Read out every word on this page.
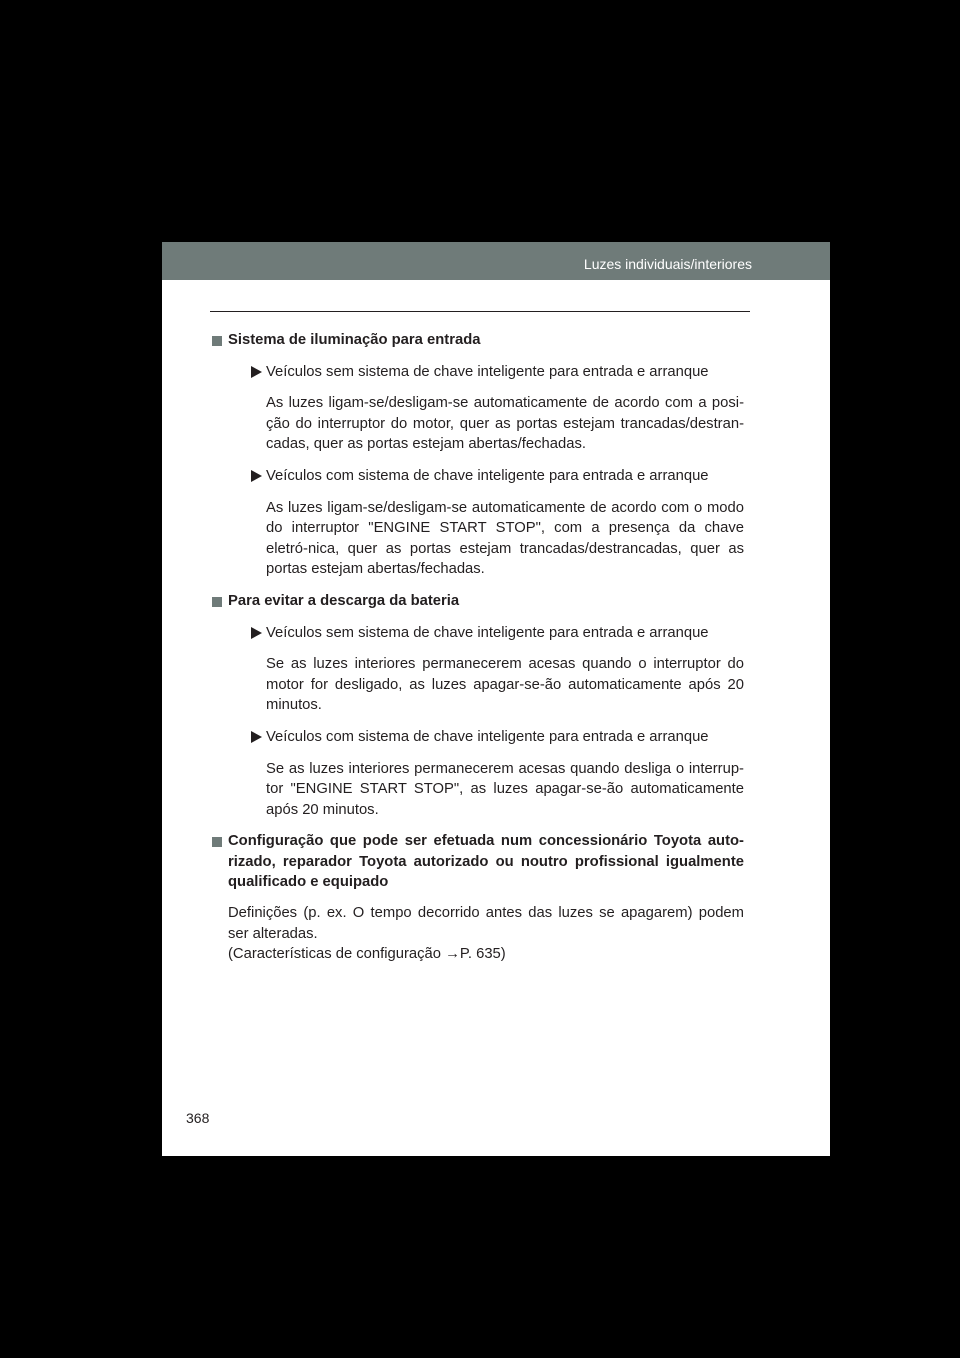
Luzes individuais/interiores
Sistema de iluminação para entrada
Veículos sem sistema de chave inteligente para entrada e arranque
As luzes ligam-se/desligam-se automaticamente de acordo com a posi-ção do interruptor do motor, quer as portas estejam trancadas/destran-cadas, quer as portas estejam abertas/fechadas.
Veículos com sistema de chave inteligente para entrada e arranque
As luzes ligam-se/desligam-se automaticamente de acordo com o modo do interruptor "ENGINE START STOP", com a presença da chave eletró-nica, quer as portas estejam trancadas/destrancadas, quer as portas estejam abertas/fechadas.
Para evitar a descarga da bateria
Veículos sem sistema de chave inteligente para entrada e arranque
Se as luzes interiores permanecerem acesas quando o interruptor do motor for desligado, as luzes apagar-se-ão automaticamente após 20 minutos.
Veículos com sistema de chave inteligente para entrada e arranque
Se as luzes interiores permanecerem acesas quando desliga o interrup-tor "ENGINE START STOP", as luzes apagar-se-ão automaticamente após 20 minutos.
Configuração que pode ser efetuada num concessionário Toyota auto-rizado, reparador Toyota autorizado ou noutro profissional igualmente qualificado e equipado
Definições (p. ex. O tempo decorrido antes das luzes se apagarem) podem ser alteradas.
(Características de configuração →P. 635)
368
